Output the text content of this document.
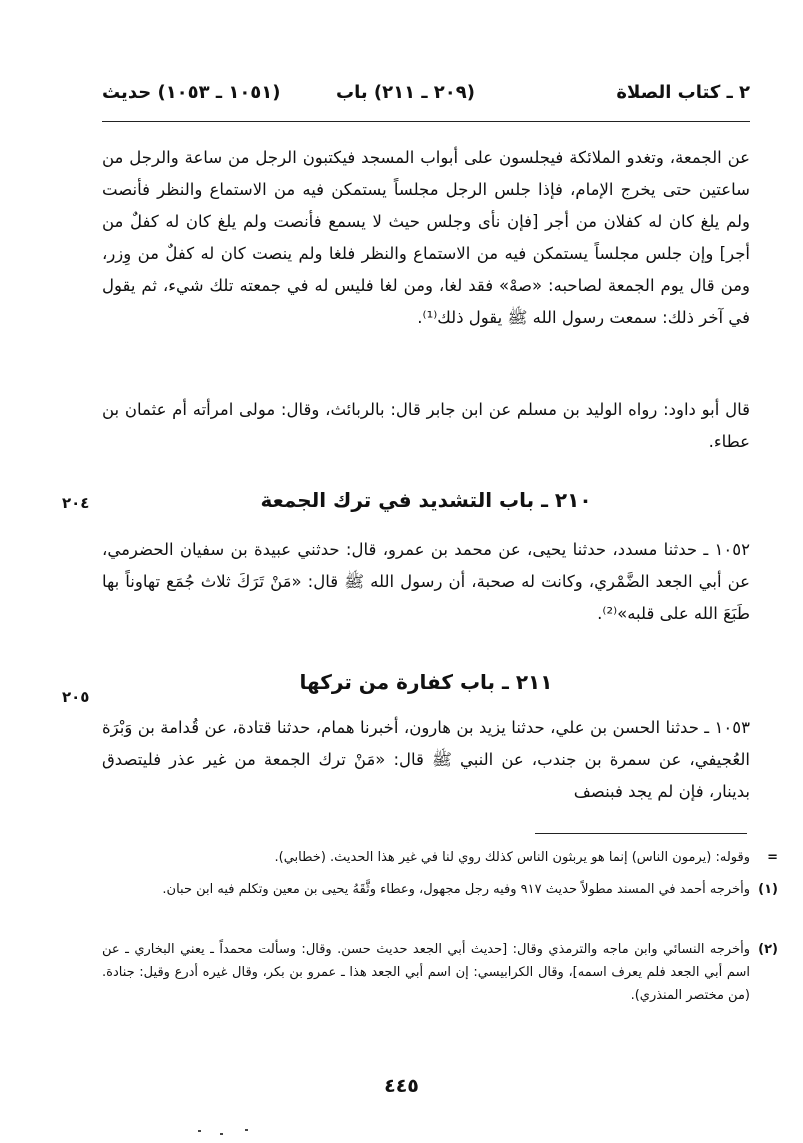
٢ ـ كتاب الصلاة
(٢٠٩ ـ ٢١١) باب
(١٠٥١ ـ ١٠٥٣) حديث

عن الجمعة، وتغدو الملائكة فيجلسون على أبواب المسجد فيكتبون الرجل من ساعة والرجل من ساعتين حتى يخرج الإمام، فإذا جلس الرجل مجلساً يستمكن فيه من الاستماع والنظر فأنصت ولم يلغ كان له كفلان من أجر [فإن نأى وجلس حيث لا يسمع فأنصت ولم يلغ كان له كفلٌ من أجر] وإن جلس مجلساً يستمكن فيه من الاستماع والنظر فلغا ولم ينصت كان له كفلٌ من وِزر، ومن قال يوم الجمعة لصاحبه: «صهْ» فقد لغا، ومن لغا فليس له في جمعته تلك شيء، ثم يقول في آخر ذلك: سمعت رسول الله ﷺ يقول ذلك⁽¹⁾.

قال أبو داود: رواه الوليد بن مسلم عن ابن جابر قال: بالربائث، وقال: مولى امرأته أم عثمان بن عطاء.

٢٠٤	٢١٠ ـ باب التشديد في ترك الجمعة

١٠٥٢ ـ حدثنا مسدد، حدثنا يحيى، عن محمد بن عمرو، قال: حدثني عبيدة بن سفيان الحضرمي، عن أبي الجعد الضَّمْري، وكانت له صحبة، أن رسول الله ﷺ قال: «مَنْ تَرَكَ ثلاث جُمَع تهاوناً بها طَبَعَ الله على قلبه»⁽²⁾.

٢٠٥
٢١١ ـ باب كفارة من تركها

١٠٥٣ ـ حدثنا الحسن بن علي، حدثنا يزيد بن هارون، أخبرنا همام، حدثنا قتادة، عن قُدامة بن وَبْرَة العُجيفي، عن سمرة بن جندب، عن النبي ﷺ قال: «مَنْ ترك الجمعة من غير عذر فليتصدق بدينار، فإن لم يجد فبنصف

=

وقوله: (يرمون الناس) إنما هو يربثون الناس كذلك روي لنا في غير هذا الحديث. (خطابي).

(١)

وأخرجه أحمد في المسند مطولاً حديث ٩١٧ وفيه رجل مجهول، وعطاء وثَّقَهُ يحيى بن معين وتكلم فيه ابن حبان.

(٢)

وأخرجه النسائي وابن ماجه والترمذي وقال: [حديث أبي الجعد حديث حسن. وقال: وسألت محمداً ـ يعني البخاري ـ عن اسم أبي الجعد فلم يعرف اسمه]، وقال الكرابيسي: إن اسم أبي الجعد هذا ـ عمرو بن بكر، وقال غيره أدرع وقيل: جنادة. (من مختصر المنذري).

٤٤٥
